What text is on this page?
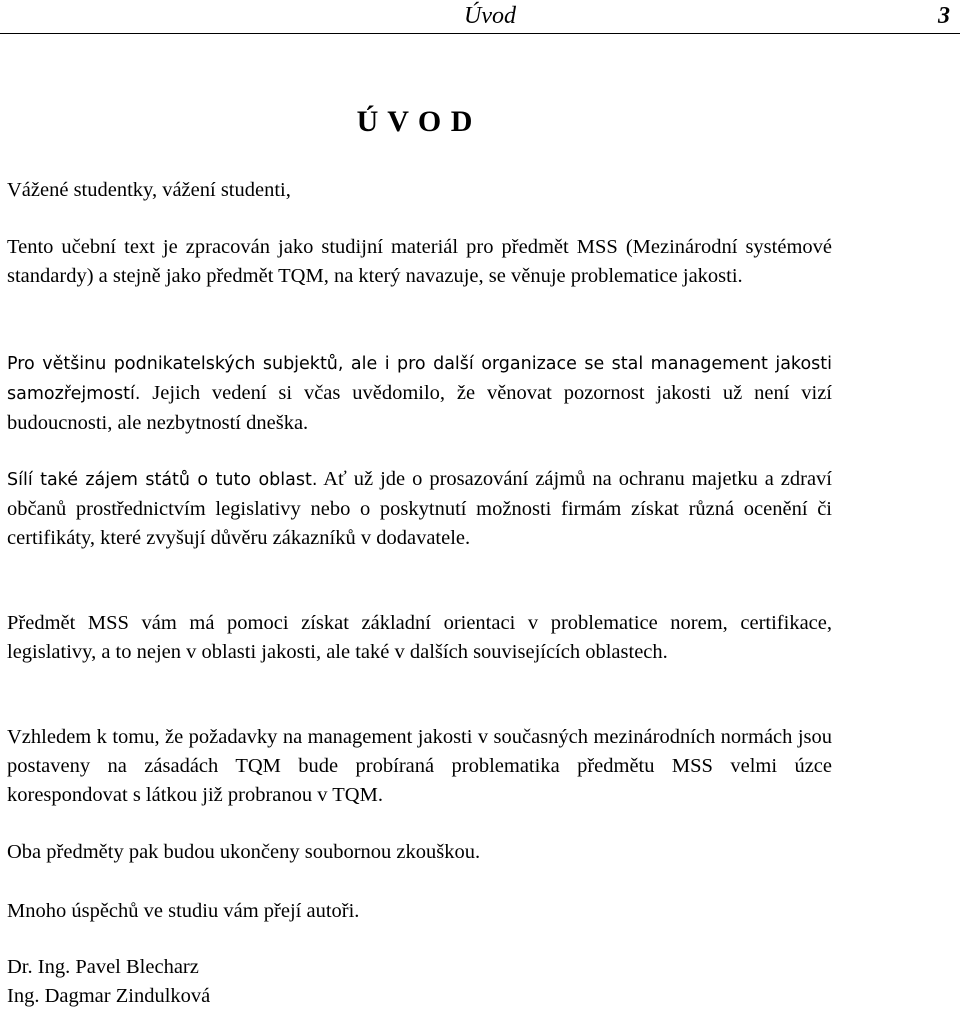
Úvod	3
Ú V O D

Vážené studentky, vážení studenti,

Tento učební text je zpracován jako studijní materiál pro předmět MSS (Mezinárodní systémové standardy) a stejně jako předmět TQM, na který navazuje, se věnuje problematice jakosti.

Pro většinu podnikatelských subjektů, ale i pro další organizace se stal management jakosti samozřejmostí. Jejich vedení si včas uvědomilo, že věnovat pozornost jakosti už není vizí budoucnosti, ale nezbytností dneška.

Sílí také zájem států o tuto oblast. Ať už jde o prosazování zájmů na ochranu majetku a zdraví občanů prostřednictvím legislativy nebo o poskytnutí možnosti firmám získat různá ocenění či certifikáty, které zvyšují důvěru zákazníků v dodavatele.

Předmět MSS vám má pomoci získat základní orientaci v problematice norem, certifikace, legislativy, a to nejen v oblasti jakosti, ale také v dalších souvisejících oblastech.

Vzhledem k tomu, že požadavky na management jakosti v současných mezinárodních normách jsou postaveny na zásadách TQM bude probíraná problematika předmětu MSS velmi úzce korespondovat s látkou již probranou v TQM.

Oba předměty pak budou ukončeny soubornou zkouškou.

Mnoho úspěchů ve studiu vám přejí autoři.

Dr. Ing. Pavel Blecharz

Ing. Dagmar Zindulková
